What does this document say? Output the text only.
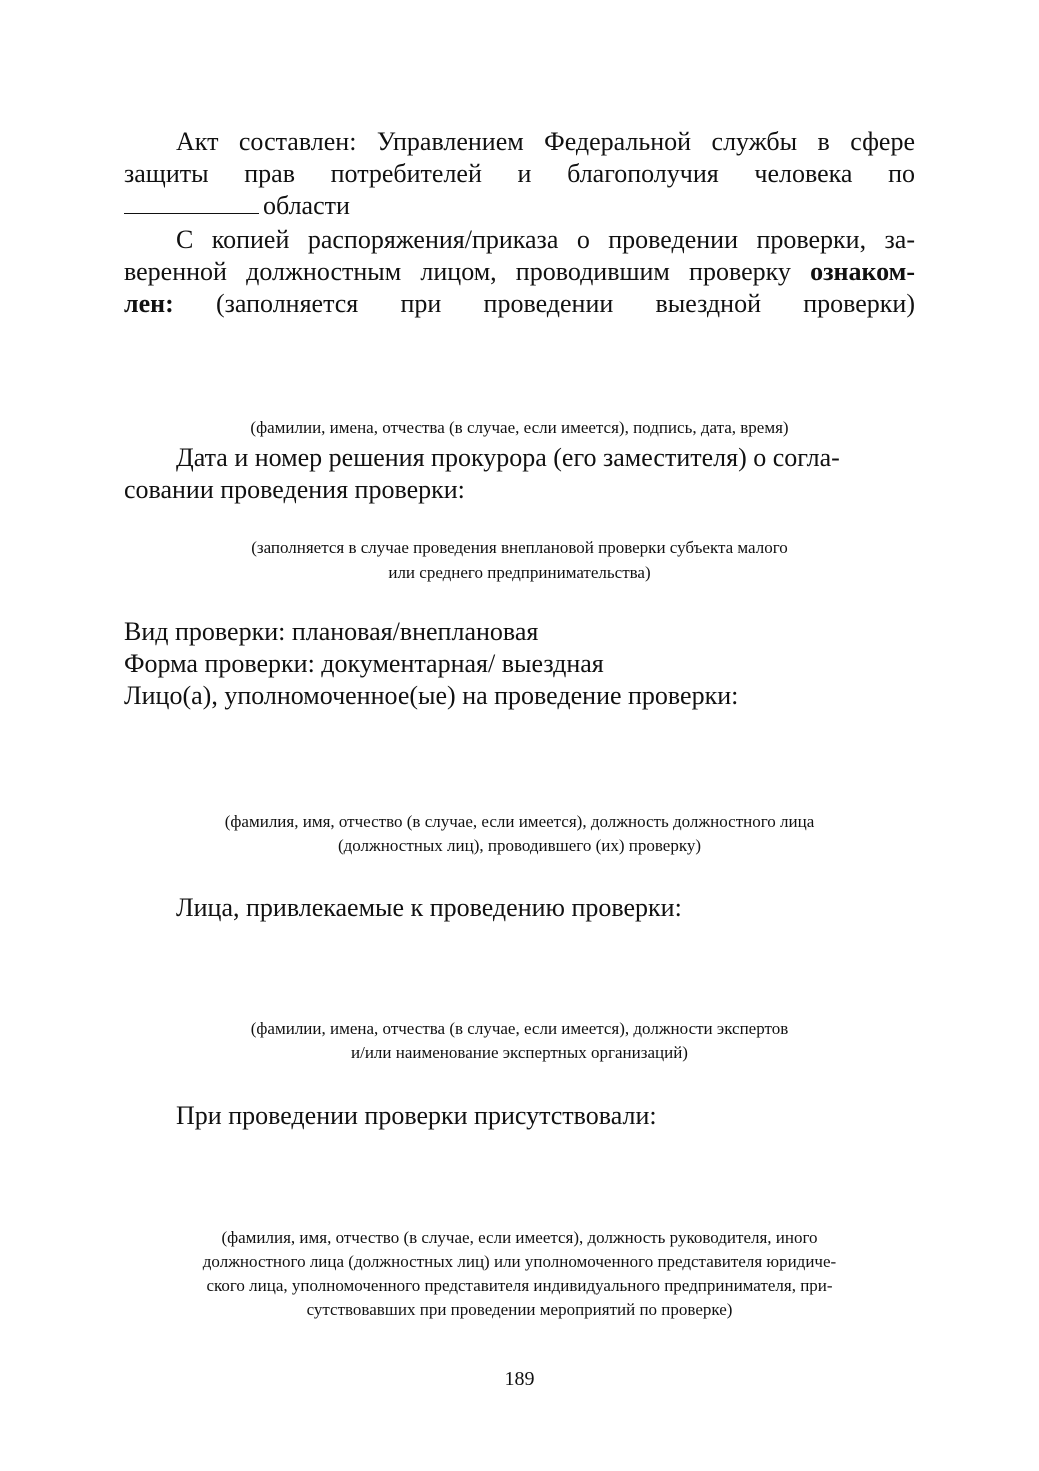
Акт составлен: Управлением Федеральной службы в сфере
защиты прав потребителей и благополучия человека по
области
С копией распоряжения/приказа о проведении проверки, за-
веренной должностным лицом, проводившим проверку ознаком-
лен: (заполняется при проведении выездной проверки)
(фамилии, имена, отчества (в случае, если имеется), подпись, дата, время)
Дата и номер решения прокурора (его заместителя) о согла-
совании проведения проверки:
(заполняется в случае проведения внеплановой проверки субъекта малого
или среднего предпринимательства)
Вид проверки: плановая/внеплановая
Форма проверки: документарная/ выездная
Лицо(а), уполномоченное(ые) на проведение проверки:
(фамилия, имя, отчество (в случае, если имеется), должность должностного лица
(должностных лиц), проводившего (их) проверку)
Лица, привлекаемые к проведению проверки:
(фамилии, имена, отчества (в случае, если имеется), должности экспертов
и/или наименование экспертных организаций)
При проведении проверки присутствовали:
(фамилия, имя, отчество (в случае, если имеется), должность руководителя, иного
должностного лица (должностных лиц) или уполномоченного представителя юридиче-
ского лица, уполномоченного представителя индивидуального предпринимателя, при-
сутствовавших при проведении мероприятий по проверке)
189
